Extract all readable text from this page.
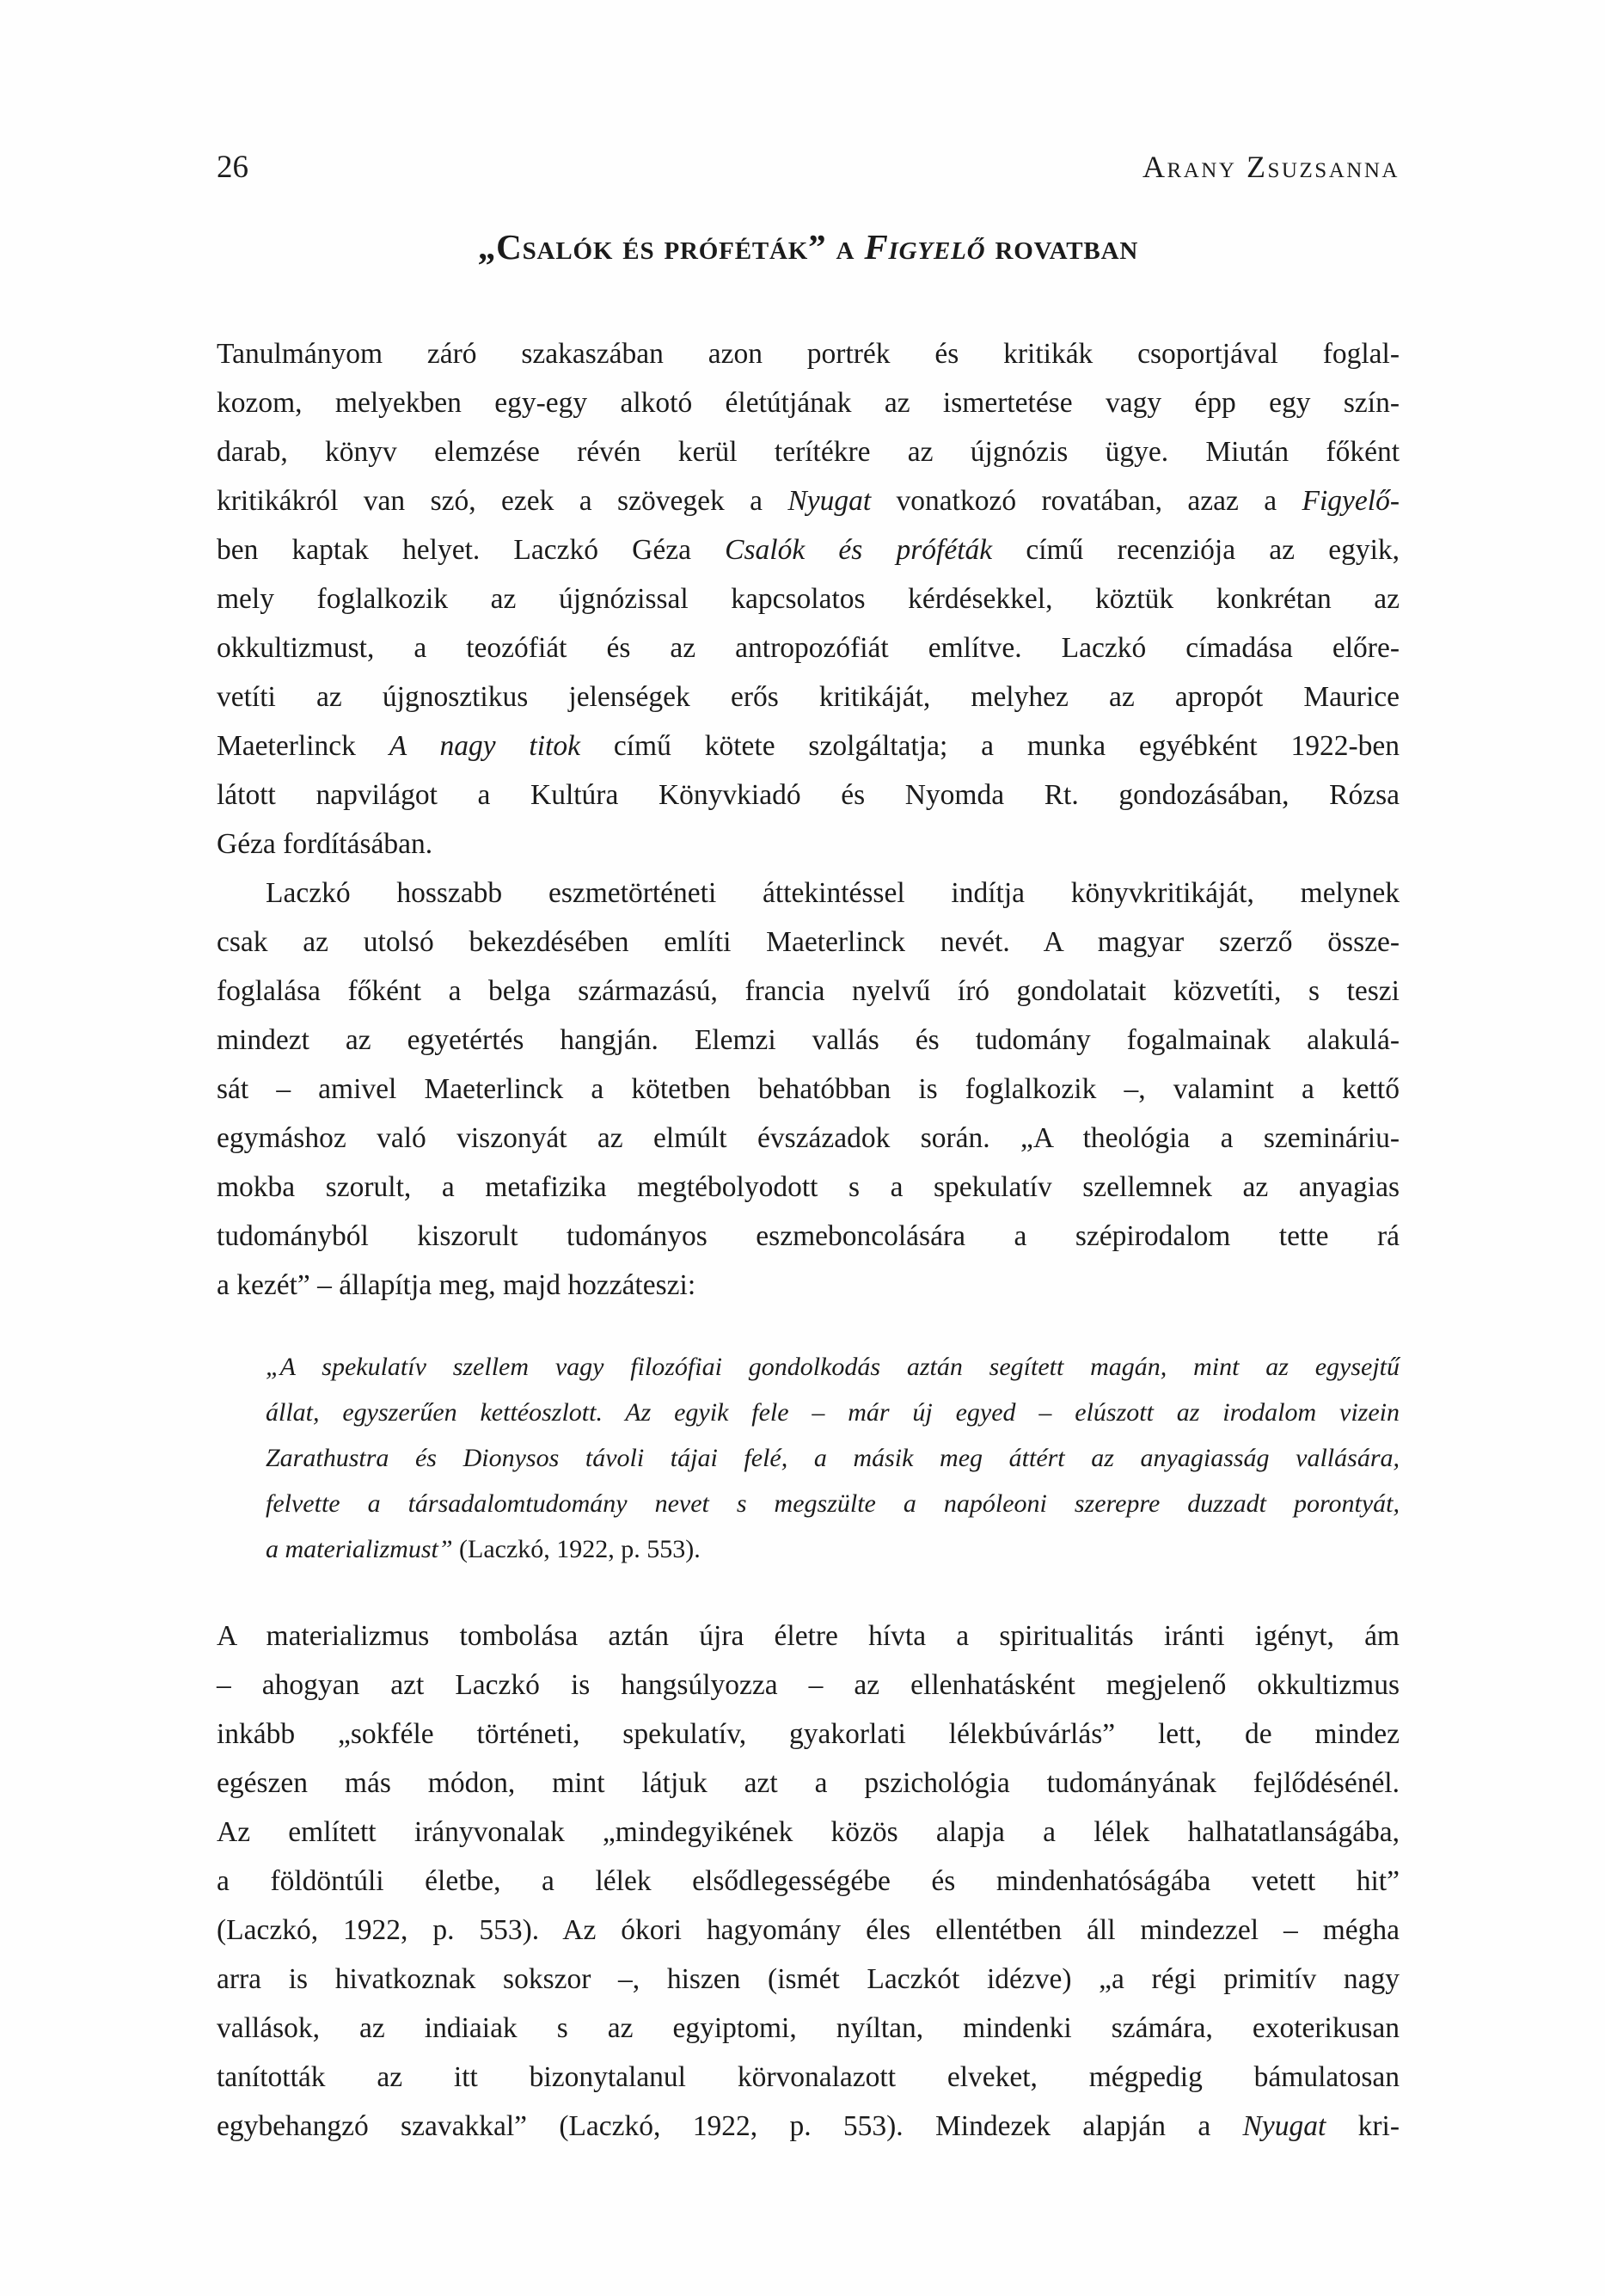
26	Arany Zsuzsanna
„Csalók és próféták” a Figyelő rovatban
Tanulmányom záró szakaszában azon portrék és kritikák csoportjával foglal-
kozom, melyekben egy-egy alkotó életútjának az ismertetése vagy épp egy szín-
darab, könyv elemzése révén kerül terítékre az újgnózis ügye. Miután főként
kritikákról van szó, ezek a szövegek a Nyugat vonatkozó rovatában, azaz a Figyelő-
ben kaptak helyet. Laczkó Géza Csalók és próféták című recenziója az egyik,
mely foglalkozik az újgnózissal kapcsolatos kérdésekkel, köztük konkrétan az
okkultizmust, a teozófiát és az antropozófiát említve. Laczkó címadása előre-
vetíti az újgnosztikus jelenségek erős kritikáját, melyhez az apropót Maurice
Maeterlinck A nagy titok című kötete szolgáltatja; a munka egyébként 1922-ben
látott napvilágot a Kultúra Könyvkiadó és Nyomda Rt. gondozásában, Rózsa
Géza fordításában.
Laczkó hosszabb eszmetörténeti áttekintéssel indítja könyvkritikáját, melynek
csak az utolsó bekezdésében említi Maeterlinck nevét. A magyar szerző össze-
foglalása főként a belga származású, francia nyelvű író gondolatait közvetíti, s teszi
mindezt az egyetértés hangján. Elemzi vallás és tudomány fogalmainak alakulá-
sát – amivel Maeterlinck a kötetben behatóbban is foglalkozik –, valamint a kettő
egymáshoz való viszonyát az elmúlt évszázadok során. „A theológia a szemináriu-
mokba szorult, a metafizika megtébolyodott s a spekulatív szellemnek az anyagias
tudományból kiszorult tudományos eszmeboncolására a szépirodalom tette rá
a kezét” – állapítja meg, majd hozzáteszi:
„A spekulatív szellem vagy filozófiai gondolkodás aztán segített magán, mint az egysejtű
állat, egyszerűen kettéoszlott. Az egyik fele – már új egyed – elúszott az irodalom vizein
Zarathustra és Dionysos távoli tájai felé, a másik meg áttért az anyagiasság vallására,
felvette a társadalomtudomány nevet s megszülte a napóleoni szerepre duzzadt porontyát,
a materializmust” (Laczkó, 1922, p. 553).
A materializmus tombolása aztán újra életre hívta a spiritualitás iránti igényt, ám
– ahogyan azt Laczkó is hangsúlyozza – az ellenhatásként megjelenő okkultizmus
inkább „sokféle történeti, spekulatív, gyakorlati lélekbúvárlás” lett, de mindez
egészen más módon, mint látjuk azt a pszichológia tudományának fejlődésénél.
Az említett irányvonalak „mindegyikének közös alapja a lélek halhatatlanságába,
a földöntúli életbe, a lélek elsődlegességébe és mindenhatóságába vetett hit”
(Laczkó, 1922, p. 553). Az ókori hagyomány éles ellentétben áll mindezzel – mégha
arra is hivatkoznak sokszor –, hiszen (ismét Laczkót idézve) „a régi primitív nagy
vallások, az indiaiak s az egyiptomi, nyíltan, mindenki számára, exoterikusan
tanították az itt bizonytalanul körvonalazott elveket, mégpedig bámulatosan
egybehangzó szavakkal” (Laczkó, 1922, p. 553). Mindezek alapján a Nyugat kri-
